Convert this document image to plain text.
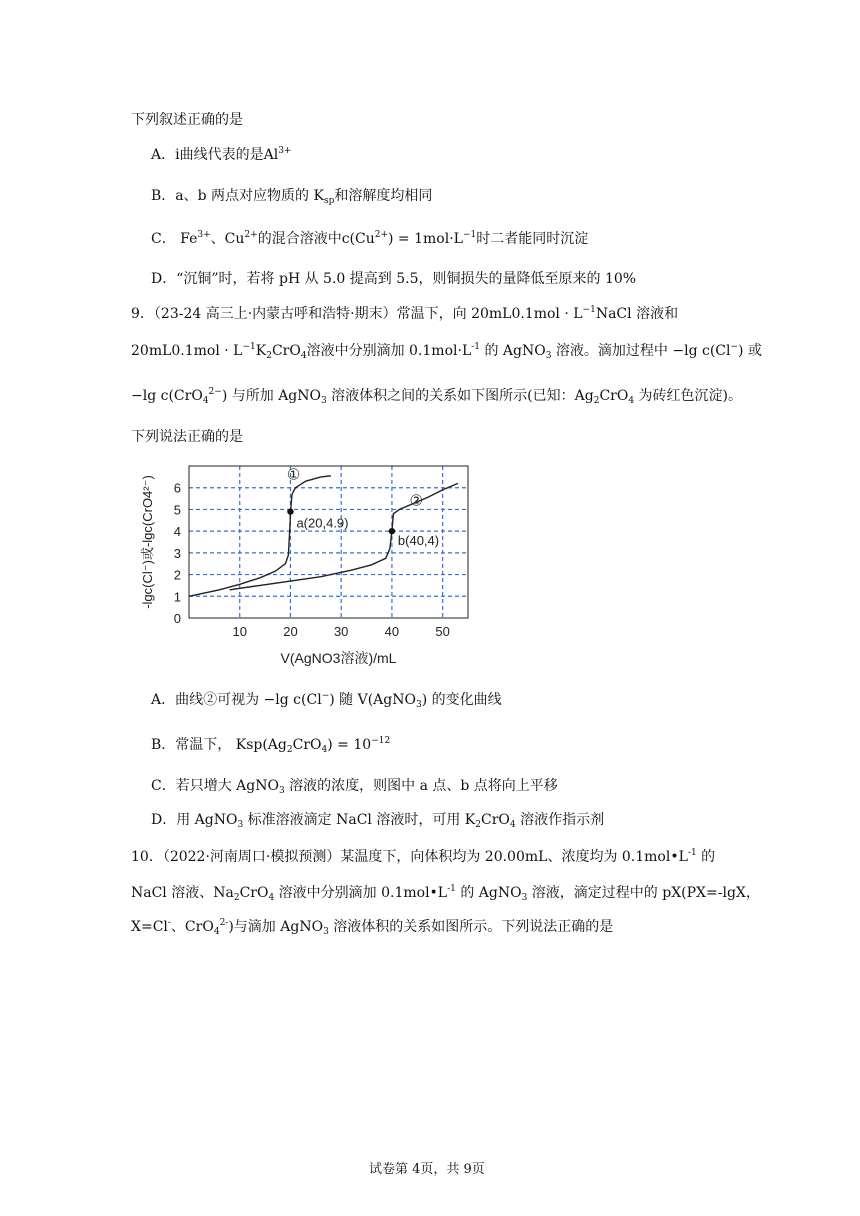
下列叙述正确的是
A．ⅰ曲线代表的是$Al^{3+}$
B．a、b 两点对应物质的 $K_{sp}$和溶解度均相同
C． $Fe^{3+}$、$Cu^{2+}$的混合溶液中$c(Cu^{2+}) = 1mol\cdot L^{-1}$时二者能同时沉淀
D．“沉铜”时，若将 pH 从 5.0 提高到 5.5，则铜损失的量降低至原来的 10%
9．（23-24 高三上·内蒙古呼和浩特·期末）常温下，向 $20mL0.1mol \cdot L^{-1}NaCl$ 溶液和
$20mL0.1mol \cdot L^{-1}K_2CrO_4$溶液中分别滴加 $0.1mol\cdot L^{-1}$ 的 AgNO$_3$ 溶液。滴加过程中 −lg c(Cl−) 或
−lg c(CrO$_4^{2-}$) 与所加 AgNO$_3$ 溶液体积之间的关系如下图所示(已知：$Ag_2CrO_4$ 为砖红色沉淀)。
下列说法正确的是
10	20	30	40	50
0
1
2
3
4
5
6
V(AgNO3溶液)/mL
-lgc(Cl⁻)或-lgc(CrO4²⁻)	a(20,4.9)
b(40,4)
①
②
A．曲线②可视为 −lg c(Cl−) 随 V(AgNO$_3$) 的变化曲线
B．常温下， $Ksp(Ag_2CrO_4) = 10^{-12}$
C．若只增大 AgNO$_3$ 溶液的浓度，则图中 a 点、b 点将向上平移
D．用 AgNO$_3$ 标准溶液滴定 NaCl 溶液时，可用 $K_2CrO_4$ 溶液作指示剂
10．（2022·河南周口·模拟预测）某温度下，向体积均为 20.00mL、浓度均为 $0.1mol•L^{-1}$ 的
NaCl 溶液、$Na_2CrO_4$ 溶液中分别滴加 $0.1mol•L^{-1}$ 的 AgNO$_3$ 溶液，滴定过程中的 pX(PX=-lgX，
X=Cl-、CrO$_4^{2-}$)与滴加 AgNO$_3$ 溶液体积的关系如图所示。下列说法正确的是
试卷第 4页，共 9页
